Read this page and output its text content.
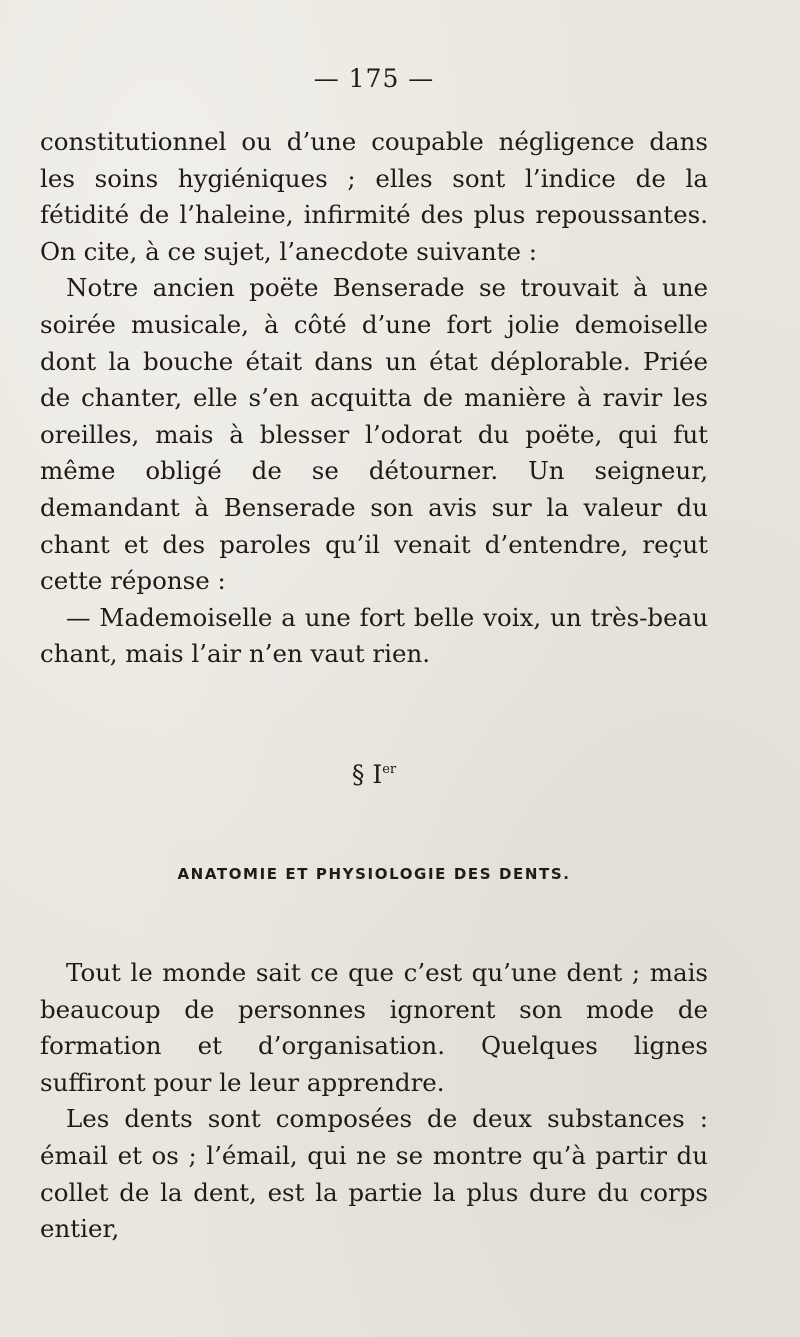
— 175 —

constitutionnel ou d’une coupable négligence dans les soins hygiéniques ; elles sont l’indice de la fétidité de l’haleine, infirmité des plus repoussantes. On cite, à ce sujet, l’anecdote suivante :

Notre ancien poëte Benserade se trouvait à une soirée musicale, à côté d’une fort jolie demoiselle dont la bouche était dans un état déplorable. Priée de chanter, elle s’en acquitta de manière à ravir les oreilles, mais à blesser l’odorat du poëte, qui fut même obligé de se détourner. Un seigneur, demandant à Benserade son avis sur la valeur du chant et des paroles qu’il venait d’entendre, reçut cette réponse :

— Mademoiselle a une fort belle voix, un très-beau chant, mais l’air n’en vaut rien.

§ Ier
ANATOMIE ET PHYSIOLOGIE DES DENTS.

Tout le monde sait ce que c’est qu’une dent ; mais beaucoup de personnes ignorent son mode de formation et d’organisation. Quelques lignes suffiront pour le leur apprendre.

Les dents sont composées de deux substances : émail et os ; l’émail, qui ne se montre qu’à partir du collet de la dent, est la partie la plus dure du corps entier,
